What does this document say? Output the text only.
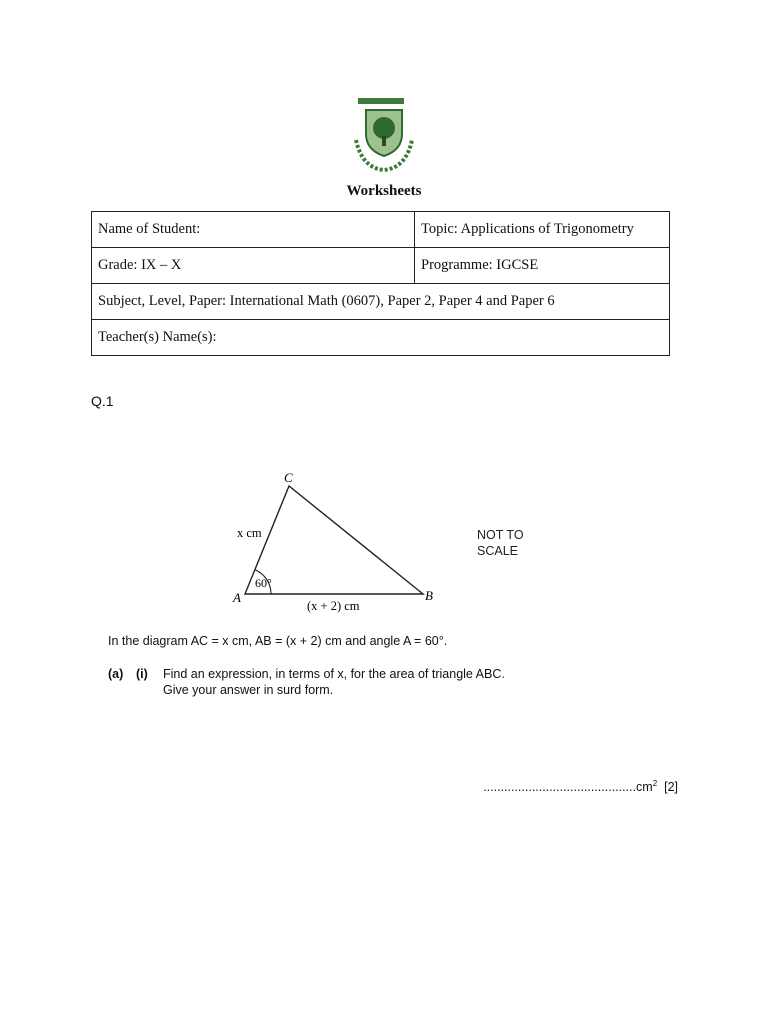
Worksheets
Name of Student:	Topic: Applications of Trigonometry
Grade: IX – X	Programme: IGCSE
Subject, Level, Paper: International Math (0607), Paper 2, Paper 4 and Paper 6	
Teacher(s) Name(s):	
Q.1
C
A	B
x cm
60°
(x + 2) cm
NOT TO
SCALE
In the diagram AC = x cm, AB = (x + 2) cm and angle A = 60°.
(a) (i) Find an expression, in terms of x, for the area of triangle ABC.
Give your answer in surd form.
$............................................cm^2$ [2]
